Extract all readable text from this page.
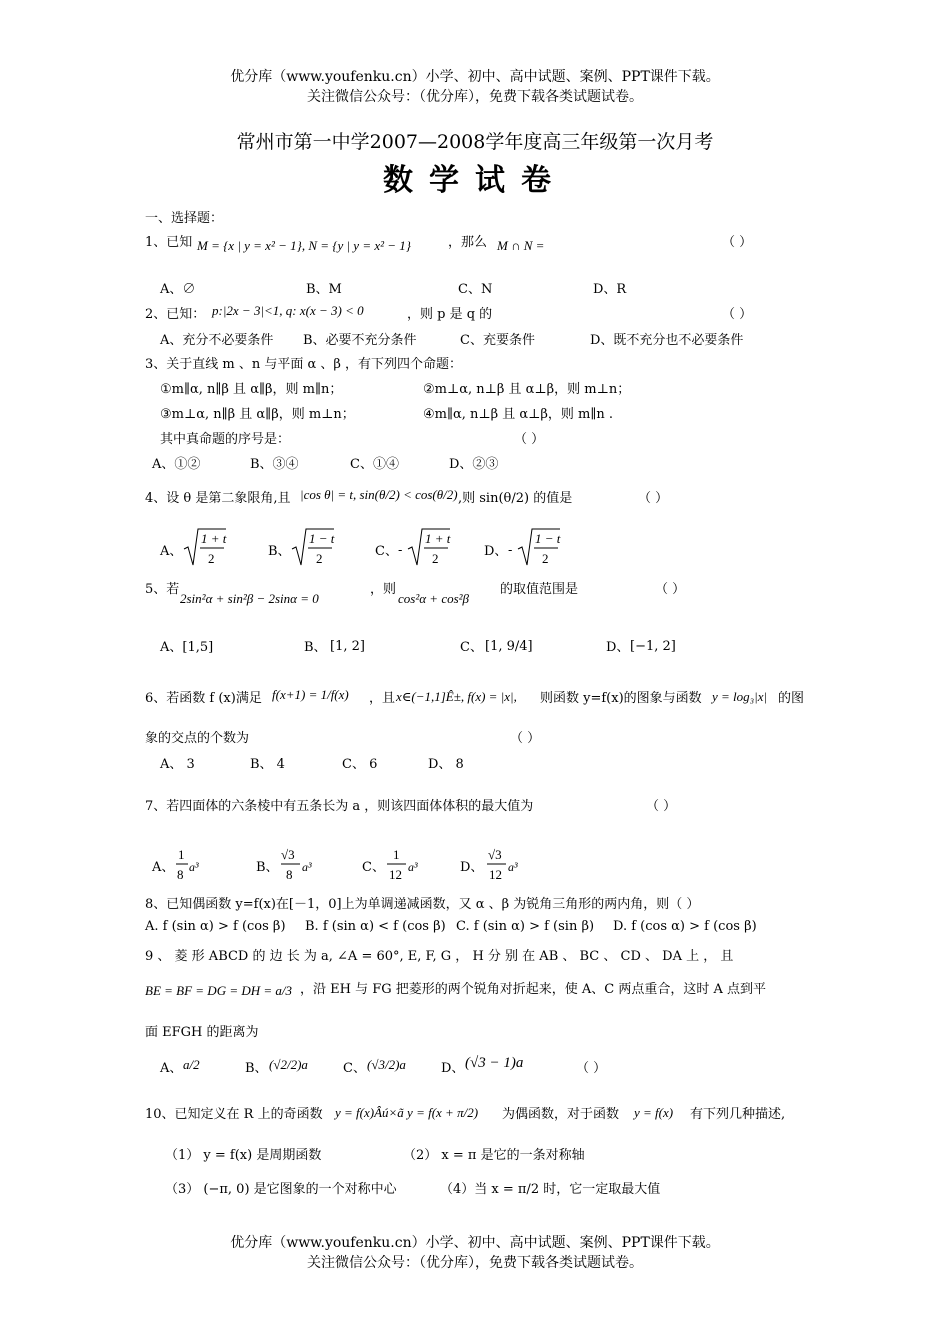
优分库（www.youfenku.cn）小学、初中、高中试题、案例、PPT课件下载。
关注微信公众号：（优分库），免费下载各类试题试卷。
常州市第一中学2007—2008学年度高三年级第一次月考
数学试卷
一、选择题：
1、已知 M = {x | y = x² − 1}, N = {y | y = x² − 1}	，那么 M ∩ N =	（ ）
A、∅	B、M	C、N	D、R
2、已知： p:|2x − 3|<1, q: x(x − 3) < 0	，则 p 是 q 的	（ ）
A、充分不必要条件 B、必要不充分条件	C、充要条件	D、既不充分也不必要条件
3、关于直线 m 、n 与平面 α 、β ，有下列四个命题：
①m∥α, n∥β 且 α∥β，则 m∥n；	②m⊥α, n⊥β 且 α⊥β，则 m⊥n；
③m⊥α, n∥β 且 α∥β，则 m⊥n；	④m∥α, n⊥β 且 α⊥β，则 m∥n .
其中真命题的序号是：	（ ）
A、①②	B、③④	C、①④	D、②③
4、设 θ 是第二象限角,且 |cos θ| = t, sin(θ/2) < cos(θ/2) ,则 sin(θ/2) 的值是	（ ）
A、
1 + t
2	B、
1 − t
2	C、 -
1 + t
2	D、 -
1 − t
2
5、若
2sin²α + sin²β − 2sinα = 0
，则
cos²α + cos²β
的取值范围是	（ ）
A、[1,5]	B、 [1, 2]	C、 [1, 9/4]	D、 [−1, 2]
6、若函数 f (x)满足 f(x+1) = 1/f(x) ，且 x∈(−1,1]Ê±, f(x) = |x|, 则函数 y=f(x)的图象与函数 y = log₃|x| 的图
象的交点的个数为	（ ）
A、 3	B、 4	C、 6	D、 8
7、若四面体的六条棱中有五条长为 a ，则该四面体体积的最大值为	（ ）
A、
1
8 a³	B、
√3
8 a³	C、
1
12 a³	D、
√3
12 a³
8、已知偶函数 y=f(x)在[－1，0]上为单调递减函数，又 α 、β 为锐角三角形的两内角，则（ ）
A. f (sin α) > f (cos β) B. f (sin α) < f (cos β) C. f (sin α) > f (sin β) D. f (cos α) > f (cos β)
9 、 菱 形 ABCD 的 边 长 为 a, ∠A = 60°, E, F, G ， H 分 别 在 AB 、 BC 、 CD 、 DA 上 ， 且
BE = BF = DG = DH = a/3 ，沿 EH 与 FG 把菱形的两个锐角对折起来，使 A、C 两点重合，这时 A 点到平
面 EFGH 的距离为
A、 a/2	B、 (√2/2)a	C、 (√3/2)a	D、 (√3 − 1)a	（ ）
10、已知定义在 R 上的奇函数 y = f(x)Âú×ã y = f(x + π/2) 为偶函数，对于函数 y = f(x) 有下列几种描述,
（1） y = f(x) 是周期函数	（2） x = π 是它的一条对称轴
（3） (−π, 0) 是它图象的一个对称中心	（4）当 x = π/2 时，它一定取最大值
优分库（www.youfenku.cn）小学、初中、高中试题、案例、PPT课件下载。
关注微信公众号：（优分库），免费下载各类试题试卷。
